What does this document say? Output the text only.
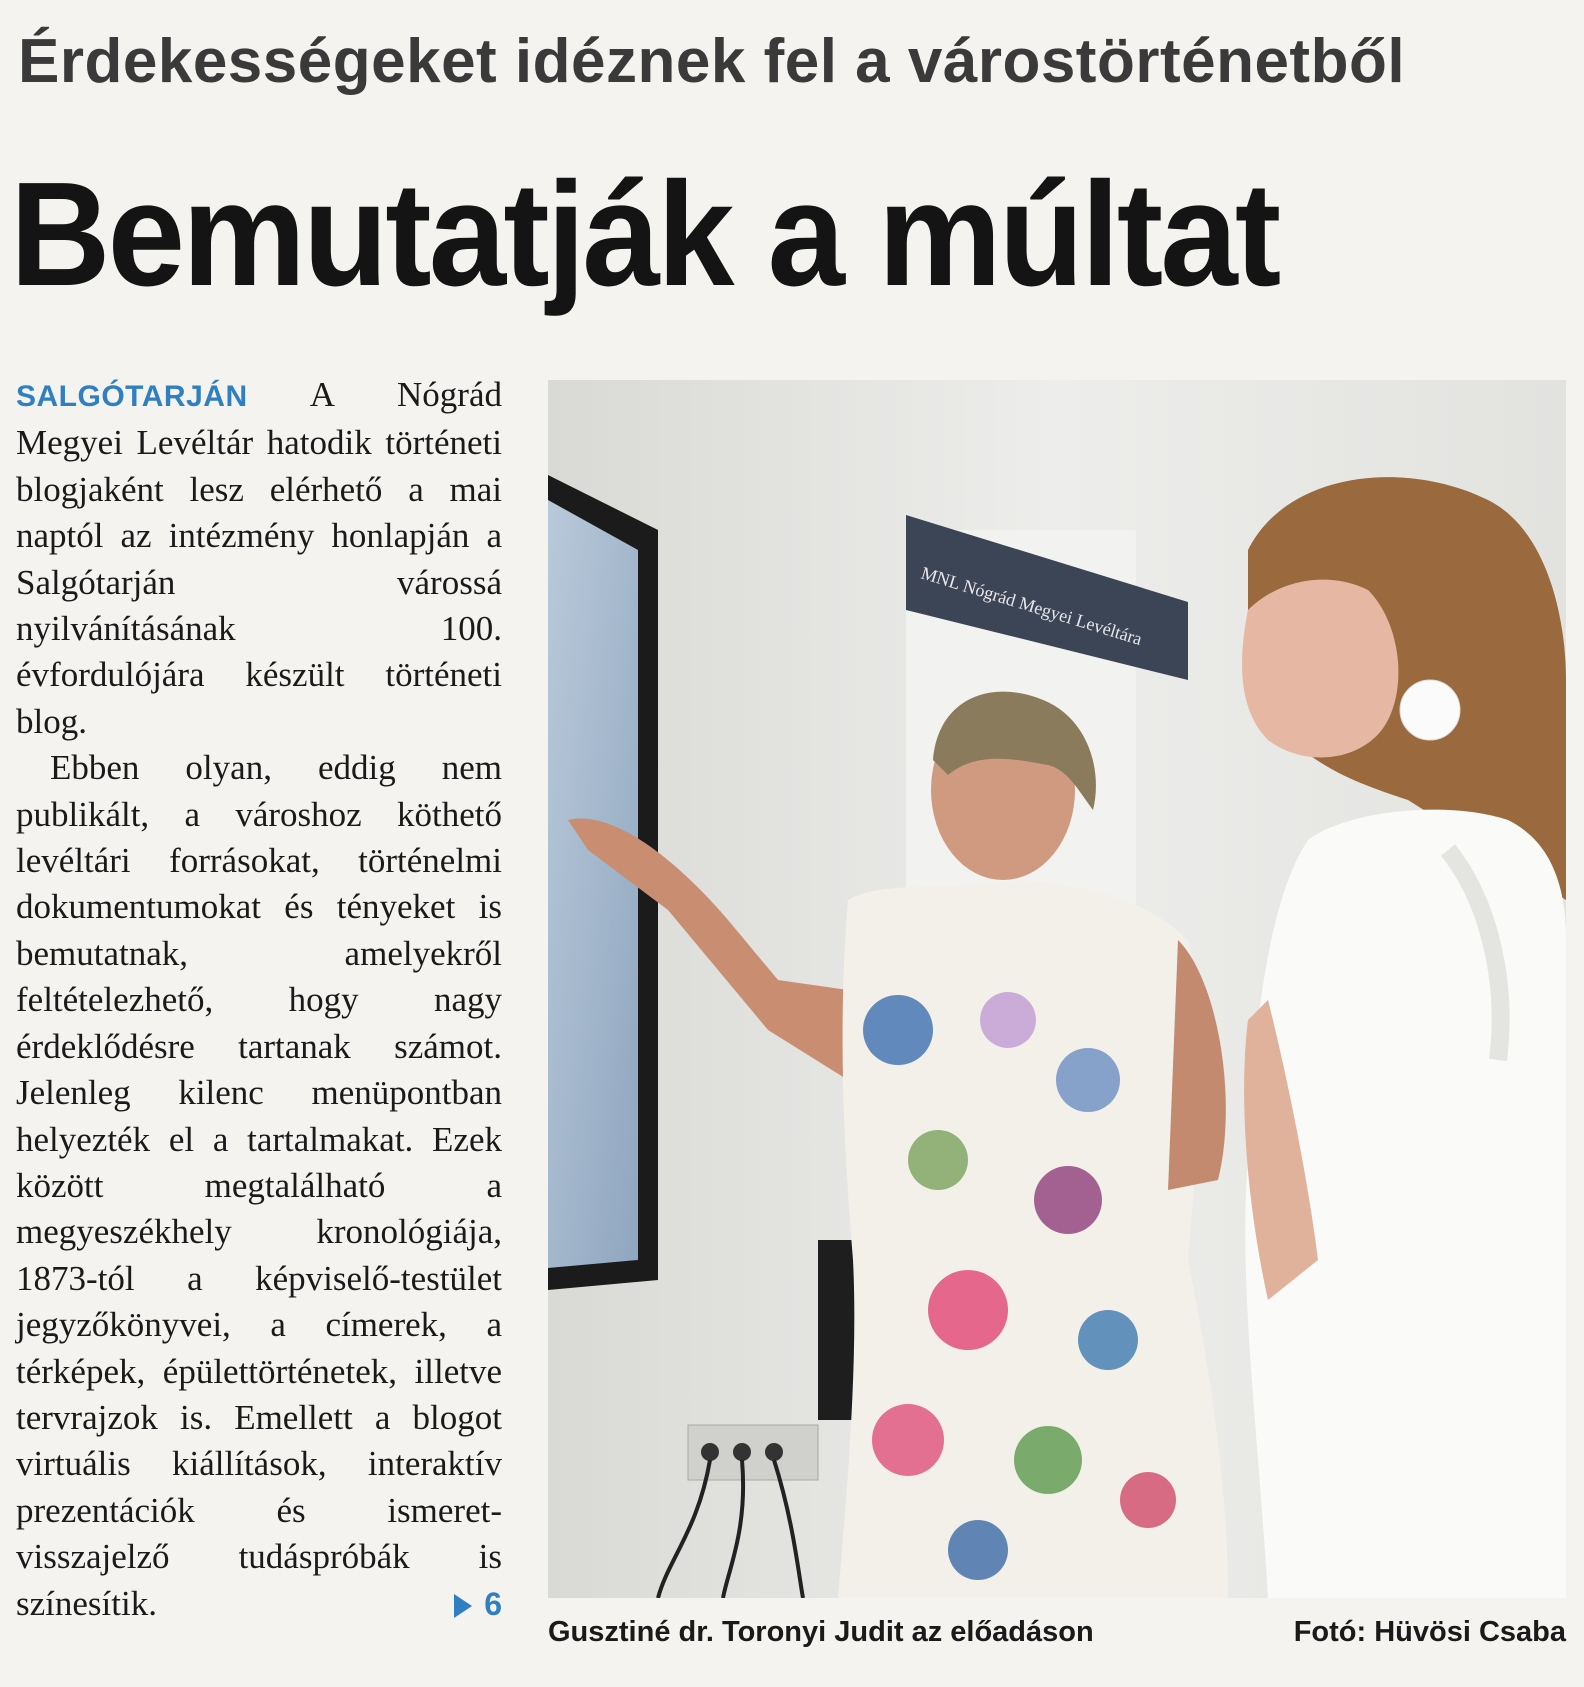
Érdekességeket idéznek fel a várostörténetből
Bemutatják a múltat

SALGÓTARJÁN A Nógrád Megyei Levéltár hatodik történeti blogjaként lesz elérhető a mai naptól az intézmény honlapján a Salgótarján várossá nyilvánításának 100. évfordulójára készült történeti blog.

Ebben olyan, eddig nem publikált, a városhoz köthető levéltári forrásokat, történelmi dokumentumokat és tényeket is bemutatnak, amelyekről feltételezhető, hogy nagy érdeklődésre tartanak számot. Jelenleg kilenc menüpontban helyezték el a tartalmakat. Ezek között megtalálható a megyeszékhely kronológiája, 1873-tól a képviselő-testület jegyzőkönyvei, a címerek, a térképek, épülettörténetek, illetve tervrajzok is. Emellett a blogot virtuális kiállítások, interaktív prezentációk és ismeret-visszajelző tudáspróbák is színesítik.	6

MNL Nógrád Megyei Levéltára
Gusztiné dr. Toronyi Judit az előadáson	Fotó: Hüvösi Csaba
